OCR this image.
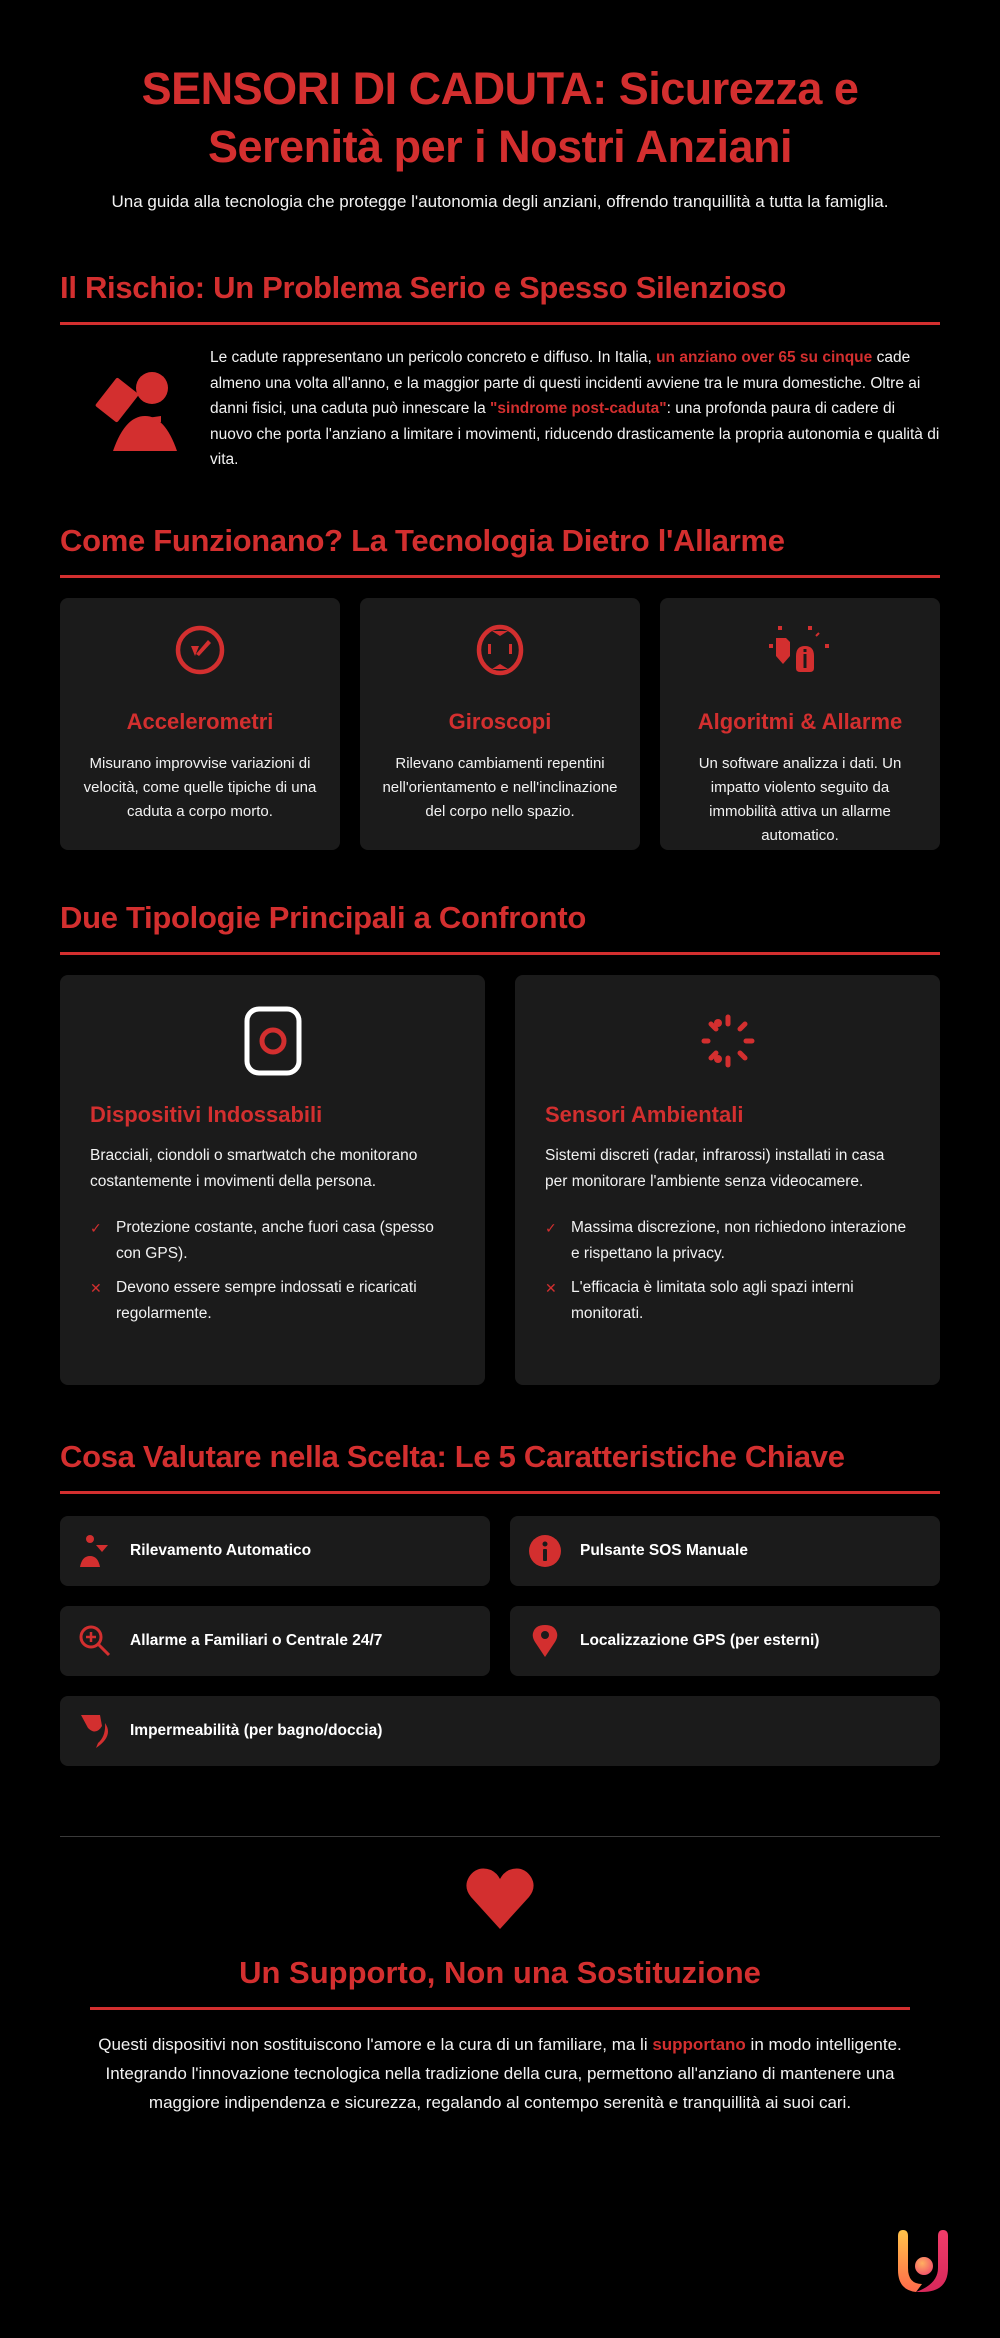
SENSORI DI CADUTA: Sicurezza e Serenità per i Nostri Anziani

Una guida alla tecnologia che protegge l'autonomia degli anziani, offrendo tranquillità a tutta la famiglia.

Il Rischio: Un Problema Serio e Spesso Silenzioso

Le cadute rappresentano un pericolo concreto e diffuso. In Italia, un anziano over 65 su cinque cade almeno una volta all'anno, e la maggior parte di questi incidenti avviene tra le mura domestiche. Oltre ai danni fisici, una caduta può innescare la "sindrome post-caduta": una profonda paura di cadere di nuovo che porta l'anziano a limitare i movimenti, riducendo drasticamente la propria autonomia e qualità di vita.

Come Funzionano? La Tecnologia Dietro l'Allarme
Accelerometri

Misurano improvvise variazioni di velocità, come quelle tipiche di una caduta a corpo morto.

Giroscopi

Rilevano cambiamenti repentini nell'orientamento e nell'inclinazione del corpo nello spazio.

Algoritmi & Allarme

Un software analizza i dati. Un impatto violento seguito da immobilità attiva un allarme automatico.

Due Tipologie Principali a Confronto
Dispositivi Indossabili

Bracciali, ciondoli o smartwatch che monitorano costantemente i movimenti della persona.

✓ Protezione costante, anche fuori casa (spesso con GPS).
✕ Devono essere sempre indossati e ricaricati regolarmente.
Sensori Ambientali

Sistemi discreti (radar, infrarossi) installati in casa per monitorare l'ambiente senza videocamere.

✓ Massima discrezione, non richiedono interazione e rispettano la privacy.
✕ L'efficacia è limitata solo agli spazi interni monitorati.
Cosa Valutare nella Scelta: Le 5 Caratteristiche Chiave
Rilevamento Automatico	Pulsante SOS Manuale
Allarme a Familiari o Centrale 24/7	Localizzazione GPS (per esterni)
Impermeabilità (per bagno/doccia)
Un Supporto, Non una Sostituzione

Questi dispositivi non sostituiscono l'amore e la cura di un familiare, ma li supportano in modo intelligente. Integrando l'innovazione tecnologica nella tradizione della cura, permettono all'anziano di mantenere una maggiore indipendenza e sicurezza, regalando al contempo serenità e tranquillità ai suoi cari.
